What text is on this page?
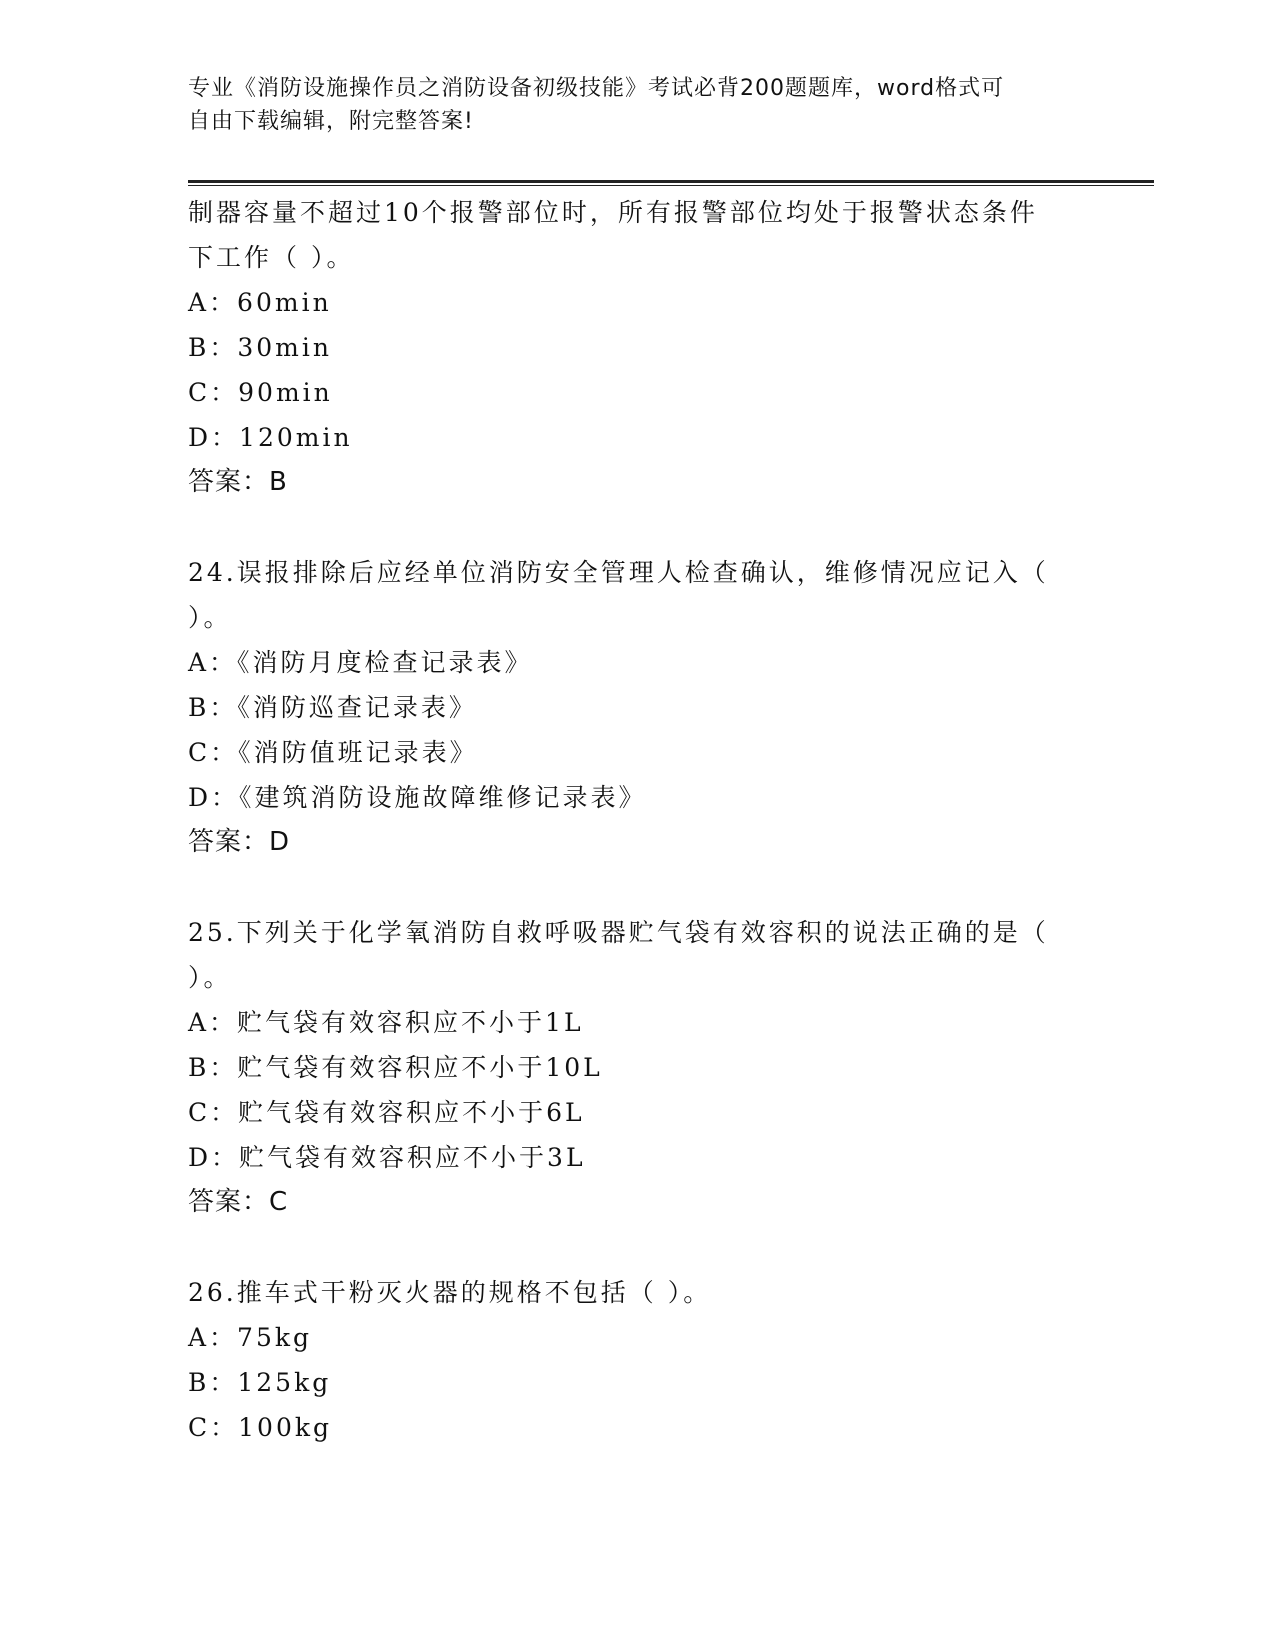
专业《消防设施操作员之消防设备初级技能》考试必背200题题库，word格式可
自由下载编辑，附完整答案!
制器容量不超过10个报警部位时，所有报警部位均处于报警状态条件
下工作（ ）。
A：60min
B：30min
C：90min
D：120min
答案：B
24.误报排除后应经单位消防安全管理人检查确认，维修情况应记入（
）。
A：《消防月度检查记录表》
B：《消防巡查记录表》
C：《消防值班记录表》
D：《建筑消防设施故障维修记录表》
答案：D
25.下列关于化学氧消防自救呼吸器贮气袋有效容积的说法正确的是（
）。
A：贮气袋有效容积应不小于1L
B：贮气袋有效容积应不小于10L
C：贮气袋有效容积应不小于6L
D：贮气袋有效容积应不小于3L
答案：C
26.推车式干粉灭火器的规格不包括（ ）。
A：75kg
B：125kg
C：100kg
